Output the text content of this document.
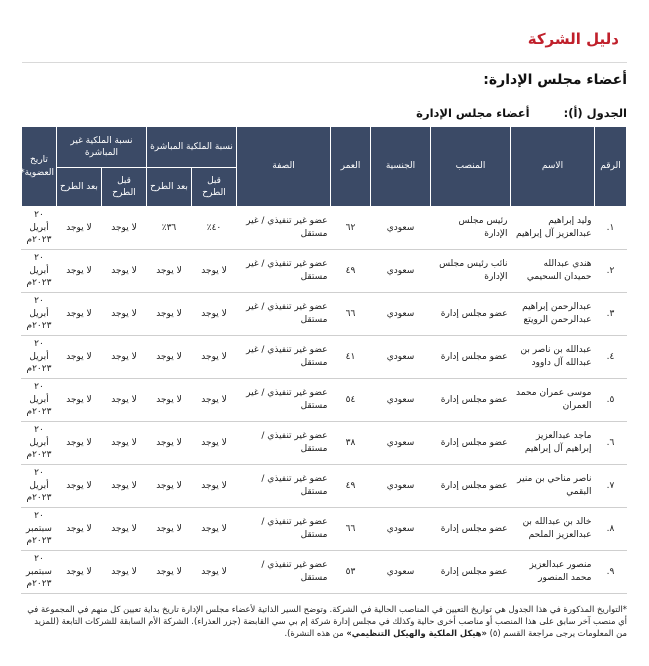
دليل الشركة
أعضاء مجلس الإدارة:
الجدول (أ): أعضاء مجلس الإدارة
الرقم	الاسم	المنصب	الجنسية	العمر	الصفة	نسبة الملكية المباشرة		نسبة الملكية غير المباشرة		تاريخ العضوية*
						قبل الطرح	بعد الطرح	قبل الطرح	بعد الطرح	
١.	وليد إبراهيم عبدالعزيز آل إبراهيم	رئيس مجلس الإدارة	سعودي	٦٢	عضو غير تنفيذي / غير مستقل	٤٠٪	٣٦٪	لا يوجد	لا يوجد	٢٠ أبريل ٢٠٢٣م
٢.	هندي عبدالله حميدان السحيمي	نائب رئيس مجلس الإدارة	سعودي	٤٩	عضو غير تنفيذي / غير مستقل	لا يوجد	لا يوجد	لا يوجد	لا يوجد	٢٠ أبريل ٢٠٢٣م
٣.	عبدالرحمن إبراهيم عبدالرحمن الرويتع	عضو مجلس إدارة	سعودي	٦٦	عضو غير تنفيذي / غير مستقل	لا يوجد	لا يوجد	لا يوجد	لا يوجد	٢٠ أبريل ٢٠٢٣م
٤.	عبدالله بن ناصر بن عبدالله آل داوود	عضو مجلس إدارة	سعودي	٤١	عضو غير تنفيذي / غير مستقل	لا يوجد	لا يوجد	لا يوجد	لا يوجد	٢٠ أبريل ٢٠٢٣م
٥.	موسى عمران محمد العمران	عضو مجلس إدارة	سعودي	٥٤	عضو غير تنفيذي / غير مستقل	لا يوجد	لا يوجد	لا يوجد	لا يوجد	٢٠ أبريل ٢٠٢٣م
٦.	ماجد عبدالعزيز إبراهيم آل إبراهيم	عضو مجلس إدارة	سعودي	٣٨	عضو غير تنفيذي / مستقل	لا يوجد	لا يوجد	لا يوجد	لا يوجد	٢٠ أبريل ٢٠٢٣م
٧.	ناصر مناحي بن منير البقمي	عضو مجلس إدارة	سعودي	٤٩	عضو غير تنفيذي / مستقل	لا يوجد	لا يوجد	لا يوجد	لا يوجد	٢٠ أبريل ٢٠٢٣م
٨.	خالد بن عبدالله بن عبدالعزيز الملحم	عضو مجلس إدارة	سعودي	٦٦	عضو غير تنفيذي / مستقل	لا يوجد	لا يوجد	لا يوجد	لا يوجد	٢٠ سبتمبر ٢٠٢٣م
٩.	منصور عبدالعزيز محمد المنصور	عضو مجلس إدارة	سعودي	٥٣	عضو غير تنفيذي / مستقل	لا يوجد	لا يوجد	لا يوجد	لا يوجد	٢٠ سبتمبر ٢٠٢٣م

*التواريخ المذكورة في هذا الجدول هي تواريخ التعيين في المناصب الحالية في الشركة. وتوضح السير الذاتية لأعضاء مجلس الإدارة تاريخ بداية تعيين كل منهم في المجموعة في أي منصب آخر سابق على هذا المنصب أو مناصب أخرى حالية وكذلك في مجلس إدارة شركة إم بي سي القابضة (جزر العذراء). الشركة الأم السابقة للشركات التابعة (للمزيد من المعلومات يرجى مراجعة القسم (٥) «هيكل الملكية والهيكل التنظيمي» من هذه النشرة).
